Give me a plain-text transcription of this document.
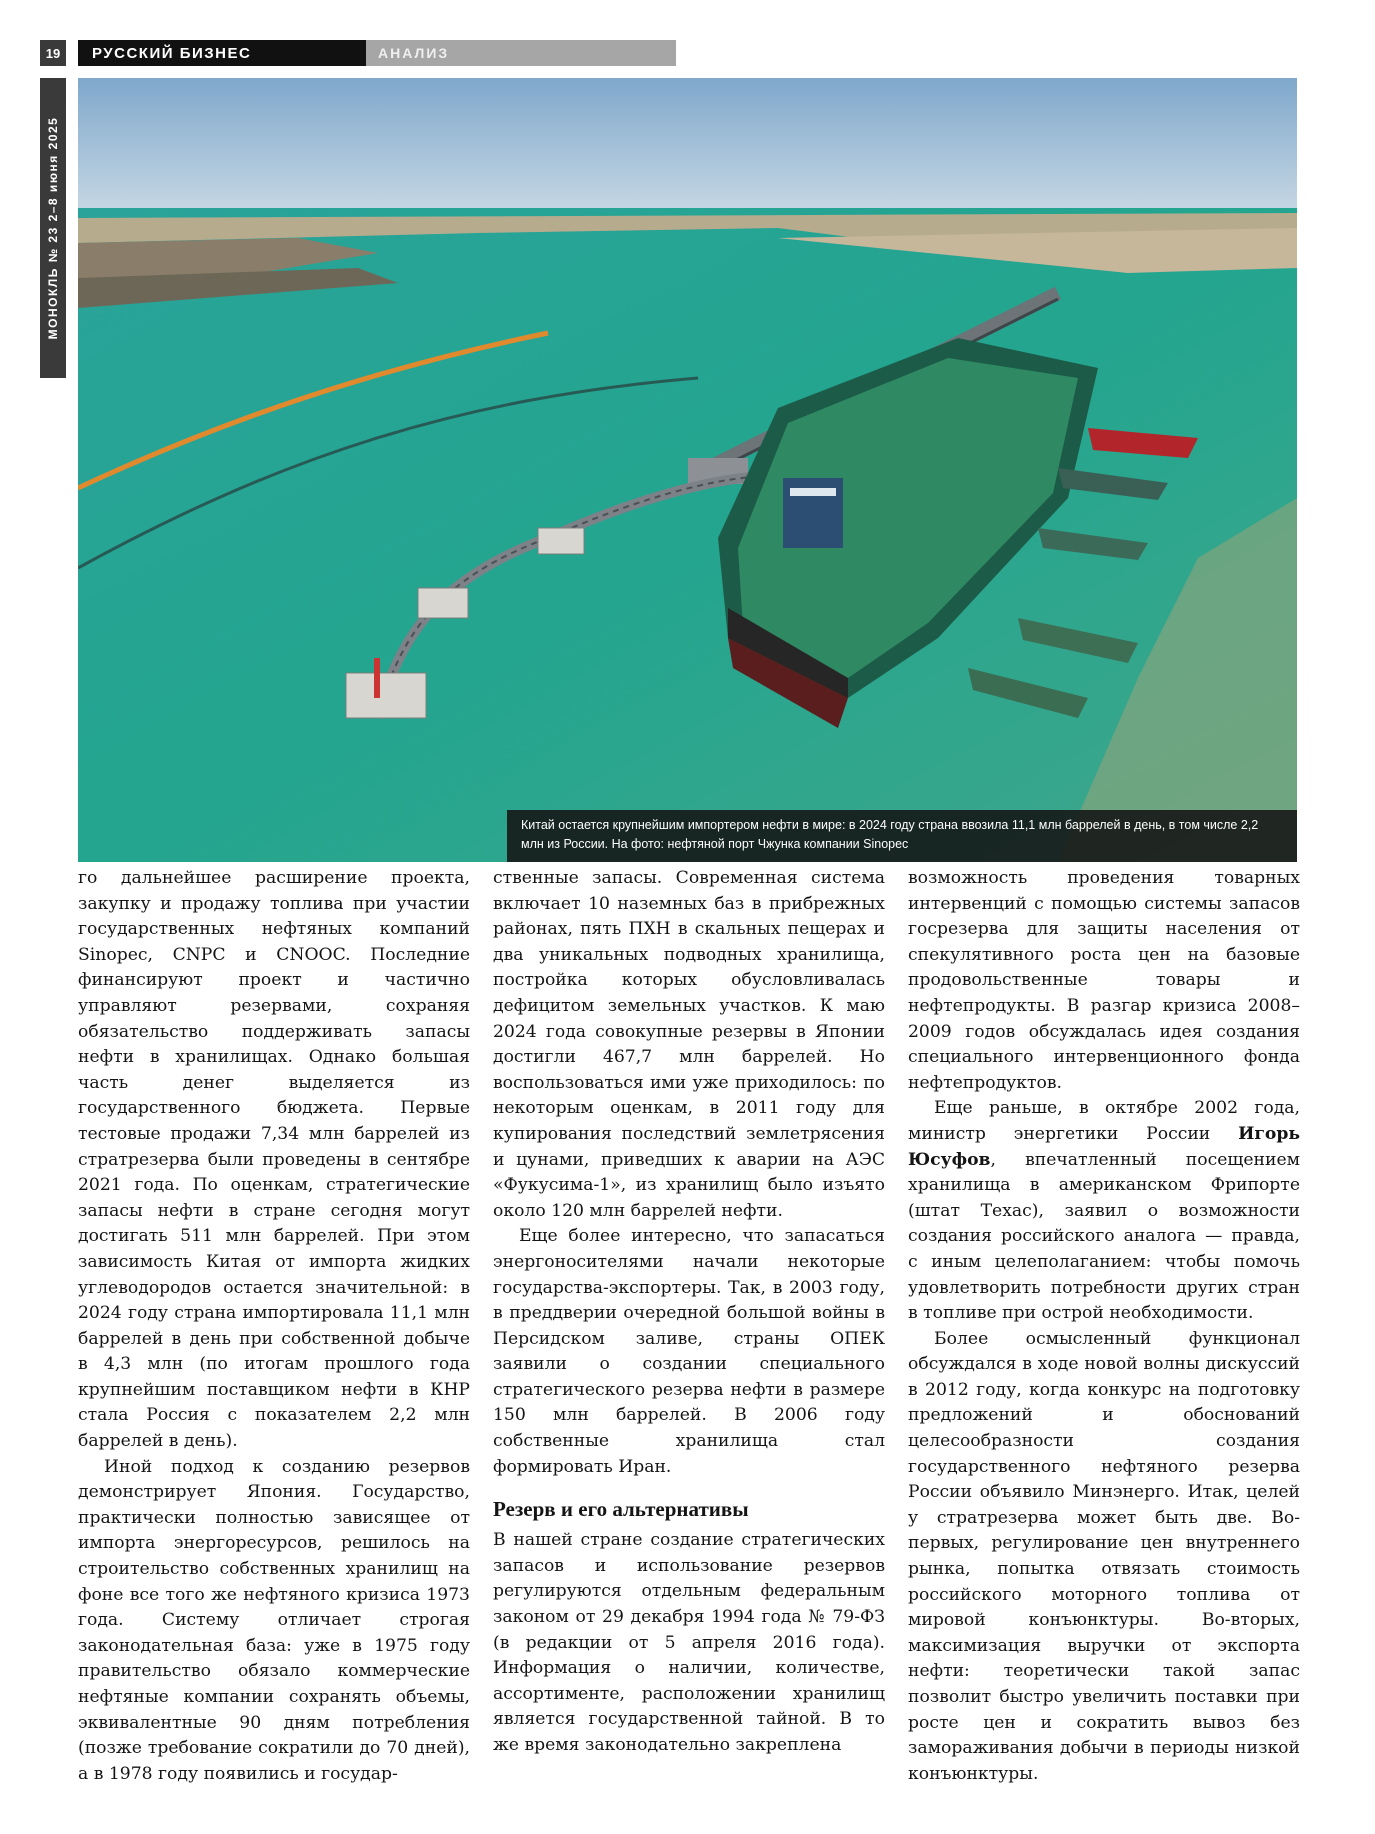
19	РУССКИЙ БИЗНЕС	АНАЛИЗ
МОНОКЛЬ № 23 2–8 июня 2025
Китай остается крупнейшим импортером нефти в мире: в 2024 году страна ввозила 11,1 млн баррелей в день, в том числе 2,2 млн из России. На фото: нефтяной порт Чжунка компании Sinopec

го дальнейшее расширение проекта, закупку и продажу топлива при участии государственных нефтяных компаний Sinopec, CNPC и CNOOC. Последние финансируют проект и частично управляют резервами, сохраняя обязательство поддерживать запасы нефти в хранилищах. Однако большая часть денег выделяется из государственного бюджета. Первые тестовые продажи 7,34 млн баррелей из стратрезерва были проведены в сентябре 2021 года. По оценкам, стратегические запасы нефти в стране сегодня могут достигать 511 млн баррелей. При этом зависимость Китая от импорта жидких углеводородов остается значительной: в 2024 году страна импортировала 11,1 млн баррелей в день при собственной добыче в 4,3 млн (по итогам прошлого года крупнейшим поставщиком нефти в КНР стала Россия с показателем 2,2 млн баррелей в день).

Иной подход к созданию резервов демонстрирует Япония. Государство, практически полностью зависящее от импорта энергоресурсов, решилось на строительство собственных хранилищ на фоне все того же нефтяного кризиса 1973 года. Систему отличает строгая законодательная база: уже в 1975 году правительство обязало коммерческие нефтяные компании сохранять объемы, эквивалентные 90 дням потребления (позже требование сократили до 70 дней), а в 1978 году появились и государ-

ственные запасы. Современная система включает 10 наземных баз в прибрежных районах, пять ПХН в скальных пещерах и два уникальных подводных хранилища, постройка которых обусловливалась дефицитом земельных участков. К маю 2024 года совокупные резервы в Японии достигли 467,7 млн баррелей. Но воспользоваться ими уже приходилось: по некоторым оценкам, в 2011 году для купирования последствий землетрясения и цунами, приведших к аварии на АЭС «Фукусима-1», из хранилищ было изъято около 120 млн баррелей нефти.

Еще более интересно, что запасаться энергоносителями начали некоторые государства-экспортеры. Так, в 2003 году, в преддверии очередной большой войны в Персидском заливе, страны ОПЕК заявили о создании специального стратегического резерва нефти в размере 150 млн баррелей. В 2006 году собственные хранилища стал формировать Иран.

Резерв и его альтернативы

В нашей стране создание стратегических запасов и использование резервов регулируются отдельным федеральным законом от 29 декабря 1994 года № 79-ФЗ (в редакции от 5 апреля 2016 года). Информация о наличии, количестве, ассортименте, расположении хранилищ является государственной тайной. В то же время законодательно закреплена

возможность проведения товарных интервенций с помощью системы запасов госрезерва для защиты населения от спекулятивного роста цен на базовые продовольственные товары и нефтепродукты. В разгар кризиса 2008–2009 годов обсуждалась идея создания специального интервенционного фонда нефтепродуктов.

Еще раньше, в октябре 2002 года, министр энергетики России Игорь Юсуфов, впечатленный посещением хранилища в американском Фрипорте (штат Техас), заявил о возможности создания российского аналога — правда, с иным целеполаганием: чтобы помочь удовлетворить потребности других стран в топливе при острой необходимости.

Более осмысленный функционал обсуждался в ходе новой волны дискуссий в 2012 году, когда конкурс на подготовку предложений и обоснований целесообразности создания государственного нефтяного резерва России объявило Минэнерго. Итак, целей у стратрезерва может быть две. Во-первых, регулирование цен внутреннего рынка, попытка отвязать стоимость российского моторного топлива от мировой конъюнктуры. Во-вторых, максимизация выручки от экспорта нефти: теоретически такой запас позволит быстро увеличить поставки при росте цен и сократить вывоз без замораживания добычи в периоды низкой конъюнктуры.
